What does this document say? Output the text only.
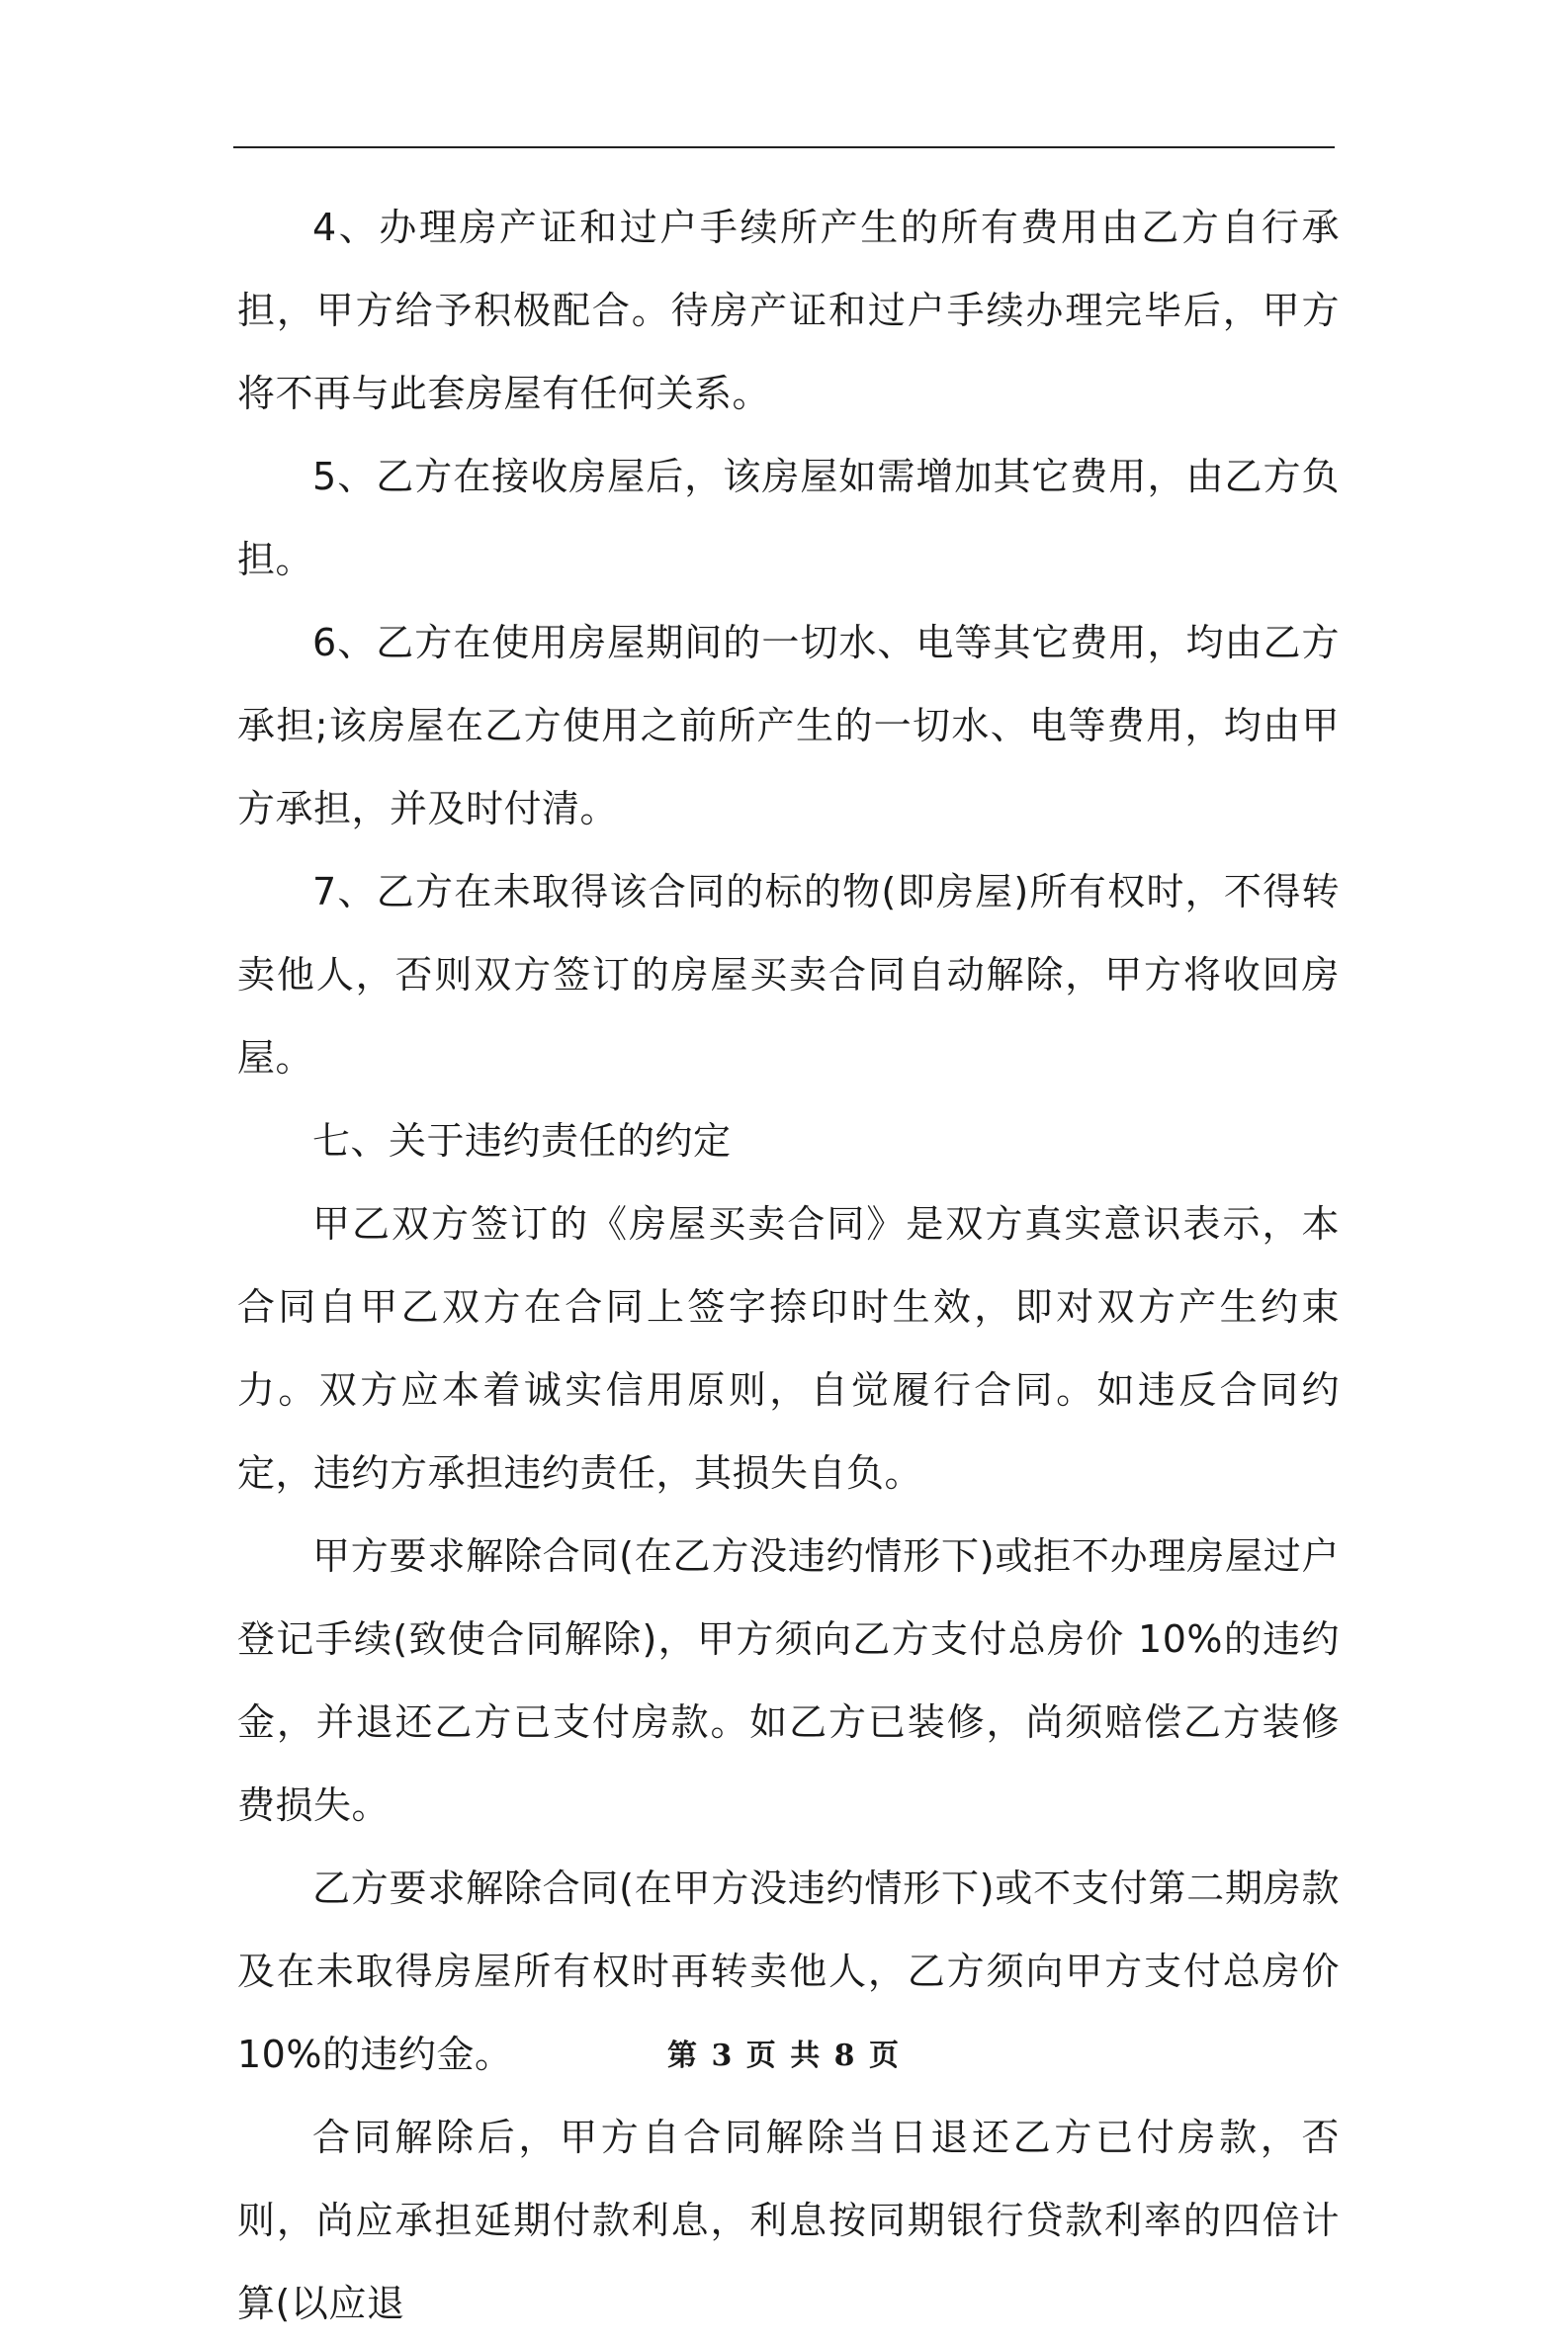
4、办理房产证和过户手续所产生的所有费用由乙方自行承担，甲方给予积极配合。待房产证和过户手续办理完毕后，甲方将不再与此套房屋有任何关系。

5、乙方在接收房屋后，该房屋如需增加其它费用，由乙方负担。

6、乙方在使用房屋期间的一切水、电等其它费用，均由乙方承担;该房屋在乙方使用之前所产生的一切水、电等费用，均由甲方承担，并及时付清。

7、乙方在未取得该合同的标的物(即房屋)所有权时，不得转卖他人，否则双方签订的房屋买卖合同自动解除，甲方将收回房屋。

七、关于违约责任的约定

甲乙双方签订的《房屋买卖合同》是双方真实意识表示，本合同自甲乙双方在合同上签字捺印时生效，即对双方产生约束力。双方应本着诚实信用原则，自觉履行合同。如违反合同约定，违约方承担违约责任，其损失自负。

甲方要求解除合同(在乙方没违约情形下)或拒不办理房屋过户登记手续(致使合同解除)，甲方须向乙方支付总房价 10%的违约金，并退还乙方已支付房款。如乙方已装修，尚须赔偿乙方装修费损失。

乙方要求解除合同(在甲方没违约情形下)或不支付第二期房款及在未取得房屋所有权时再转卖他人，乙方须向甲方支付总房价10%的违约金。

合同解除后，甲方自合同解除当日退还乙方已付房款，否则，尚应承担延期付款利息，利息按同期银行贷款利率的四倍计算(以应退

第 3 页 共 8 页
